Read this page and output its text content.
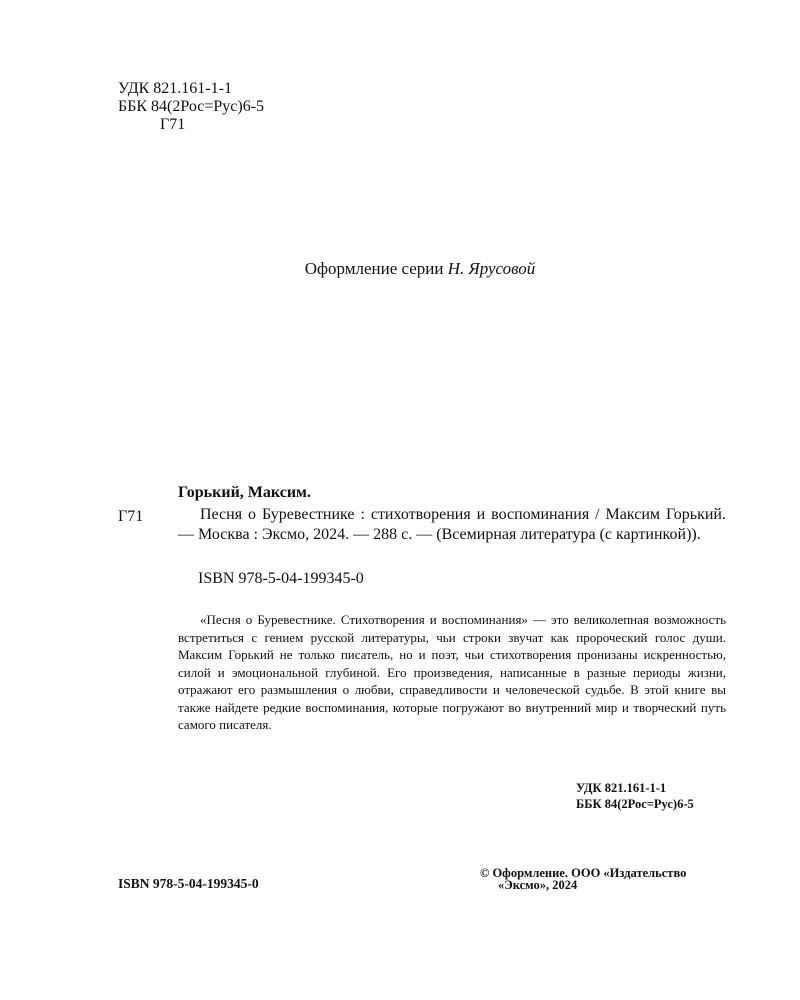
УДК 821.161-1-1
ББК 84(2Рос=Рус)6-5
Г71
Оформление серии Н. Ярусовой
Горький, Максим.
Г71	Песня о Буревестнике : стихотворения и воспоминания / Максим Горький. — Москва : Эксмо, 2024. — 288 с. — (Всемирная литература (с картинкой)).
ISBN 978-5-04-199345-0
«Песня о Буревестнике. Стихотворения и воспоминания» — это великолепная возможность встретиться с гением русской литературы, чьи строки звучат как пророческий голос души. Максим Горький не только писатель, но и поэт, чьи стихотворения пронизаны искренностью, силой и эмоциональной глубиной. Его произведения, написанные в разные периоды жизни, отражают его размышления о любви, справедливости и человеческой судьбе. В этой книге вы также найдете редкие воспоминания, которые погружают во внутренний мир и творческий путь самого писателя.
УДК 821.161-1-1
ББК 84(2Рос=Рус)6-5
ISBN 978-5-04-199345-0
© Оформление. ООО «Издательство
«Эксмо», 2024
